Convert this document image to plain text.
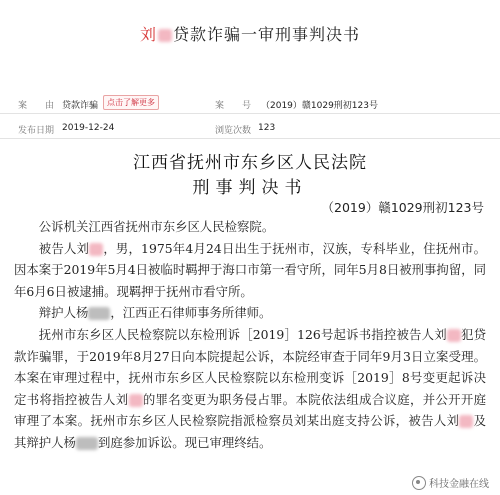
刘 贷款诈骗一审刑事判决书
案　　由 贷款诈骗	点击了解更多	案　　号 （2019）赣1029刑初123号
发布日期 2019-12-24	浏览次数 123
江西省抚州市东乡区人民法院
刑事判决书
（2019）赣1029刑初123号

公诉机关江西省抚州市东乡区人民检察院。

被告人刘 ，男，1975年4月24日出生于抚州市，汉族，专科毕业，住抚州市。因本案于2019年5月4日被临时羁押于海口市第一看守所，同年5月8日被刑事拘留，同年6月6日被逮捕。现羁押于抚州市看守所。

辩护人杨 ，江西正石律师事务所律师。

抚州市东乡区人民检察院以东检刑诉［2019］126号起诉书指控被告人刘 犯贷款诈骗罪，于2019年8月27日向本院提起公诉，本院经审查于同年9月3日立案受理。本案在审理过程中，抚州市东乡区人民检察院以东检刑变诉［2019］8号变更起诉决定书将指控被告人刘 的罪名变更为职务侵占罪。本院依法组成合议庭，并公开开庭审理了本案。抚州市东乡区人民检察院指派检察员刘某出庭支持公诉，被告人刘 及其辩护人杨 到庭参加诉讼。现已审理终结。

科技金融在线
